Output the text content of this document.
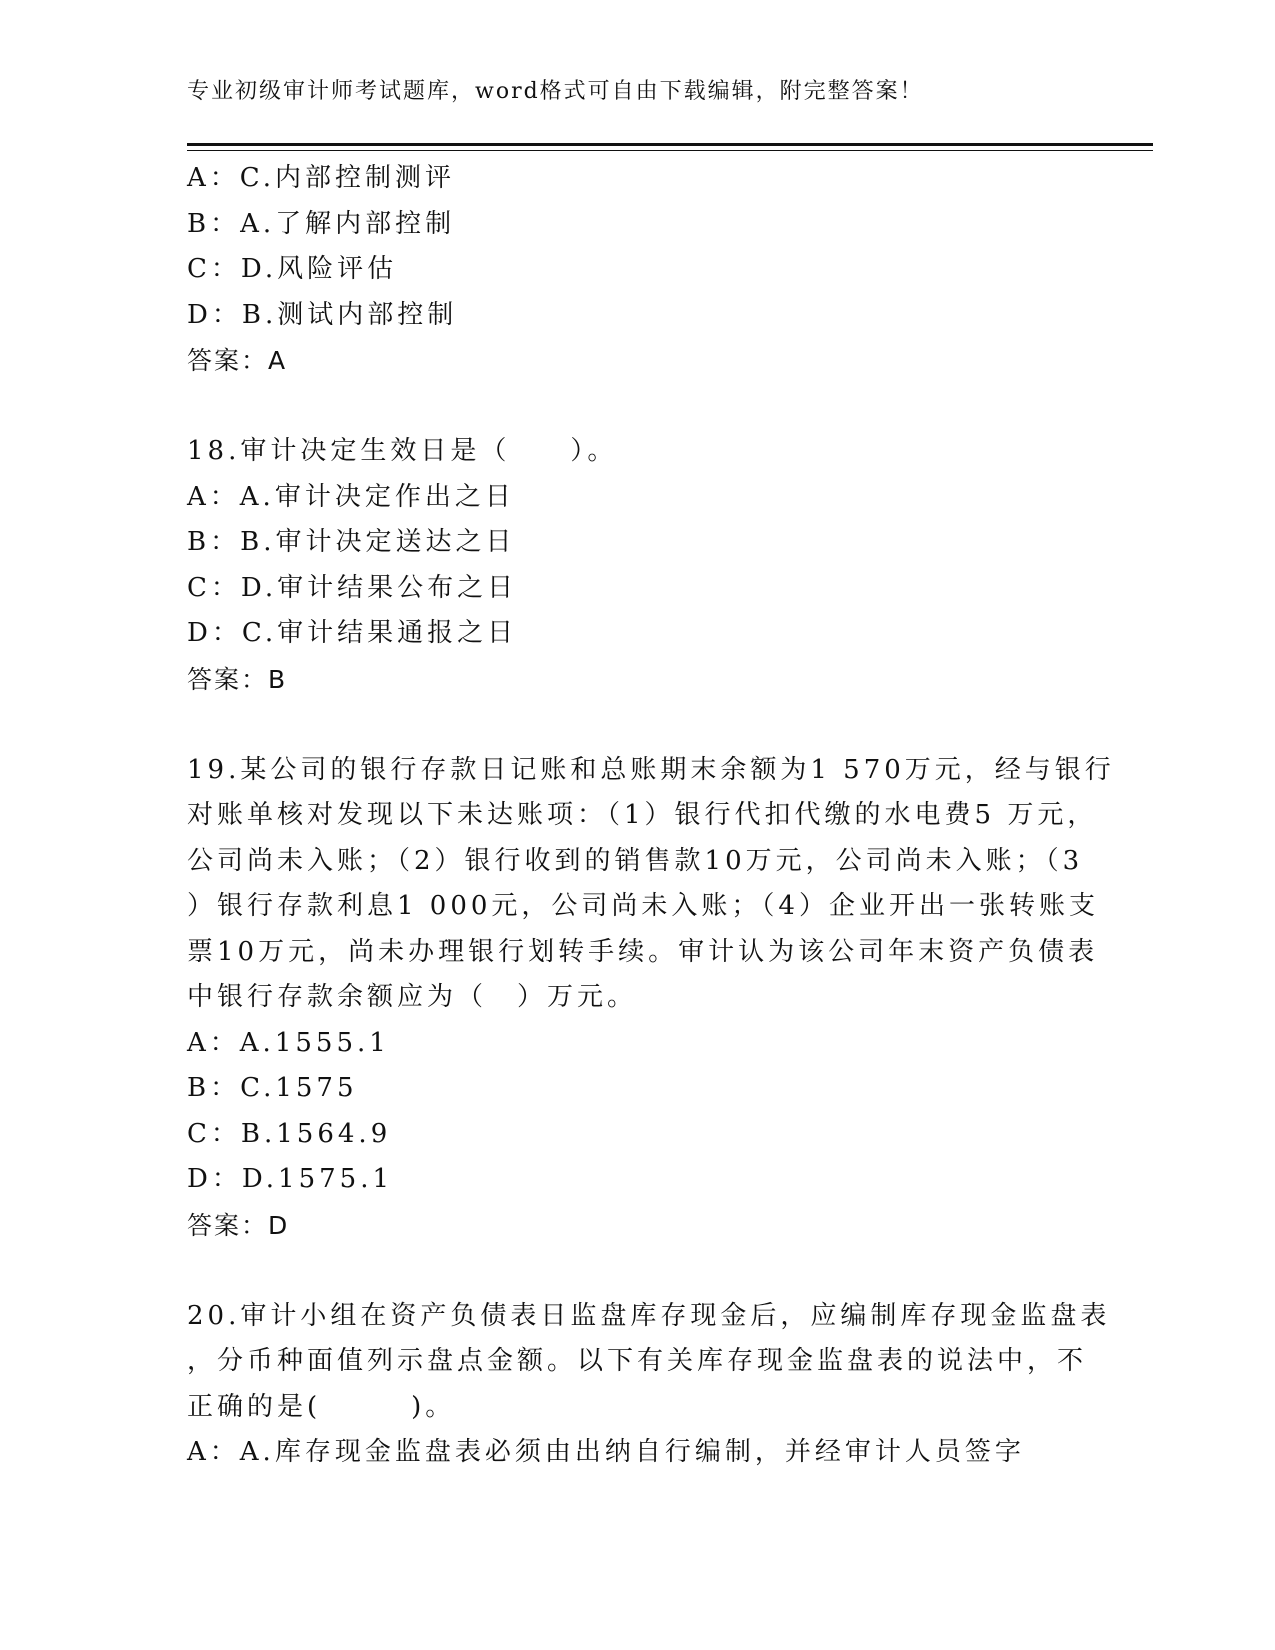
专业初级审计师考试题库，word格式可自由下载编辑，附完整答案！
A：C.内部控制测评
B：A.了解内部控制
C：D.风险评估
D：B.测试内部控制
答案：A
18.审计决定生效日是（　　）。
A：A.审计决定作出之日
B：B.审计决定送达之日
C：D.审计结果公布之日
D：C.审计结果通报之日
答案：B
19.某公司的银行存款日记账和总账期末余额为1 570万元，经与银行
对账单核对发现以下未达账项：（1）银行代扣代缴的水电费5 万元，
公司尚未入账；（2）银行收到的销售款10万元，公司尚未入账；（3
）银行存款利息1 000元，公司尚未入账；（4）企业开出一张转账支
票10万元，尚未办理银行划转手续。审计认为该公司年末资产负债表
中银行存款余额应为（　）万元。
A：A.1555.1
B：C.1575
C：B.1564.9
D：D.1575.1
答案：D
20.审计小组在资产负债表日监盘库存现金后，应编制库存现金监盘表
，分币种面值列示盘点金额。以下有关库存现金监盘表的说法中，不
正确的是(　　　)。
A：A.库存现金监盘表必须由出纳自行编制，并经审计人员签字
